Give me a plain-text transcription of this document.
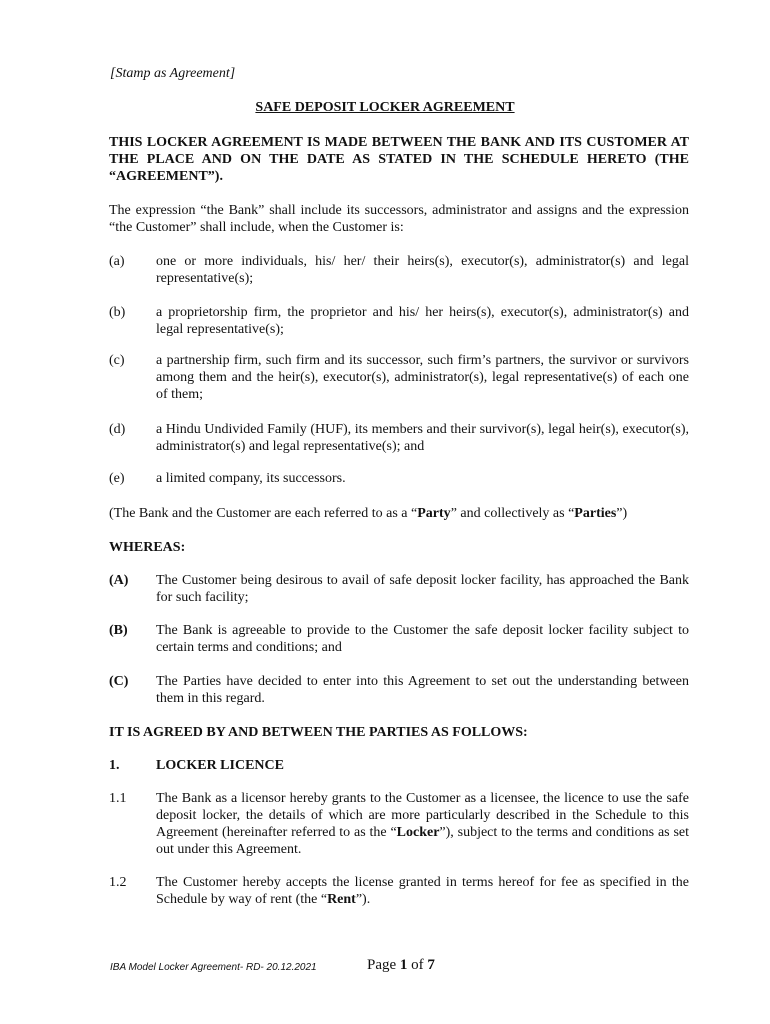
[Stamp as Agreement]
SAFE DEPOSIT LOCKER AGREEMENT
THIS LOCKER AGREEMENT IS MADE BETWEEN THE BANK AND ITS CUSTOMER AT THE PLACE AND ON THE DATE AS STATED IN THE SCHEDULE HERETO (THE “AGREEMENT”).
The expression “the Bank” shall include its successors, administrator and assigns and the expression “the Customer” shall include, when the Customer is:
(a)	one or more individuals, his/ her/ their heirs(s), executor(s), administrator(s) and legal representative(s);
(b)	a proprietorship firm, the proprietor and his/ her heirs(s), executor(s), administrator(s) and legal representative(s);
(c)	a partnership firm, such firm and its successor, such firm’s partners, the survivor or survivors among them and the heir(s), executor(s), administrator(s), legal representative(s) of each one of them;
(d)	a Hindu Undivided Family (HUF), its members and their survivor(s), legal heir(s), executor(s), administrator(s) and legal representative(s); and
(e)	a limited company, its successors.
(The Bank and the Customer are each referred to as a “Party” and collectively as “Parties”)
WHEREAS:
(A)	The Customer being desirous to avail of safe deposit locker facility, has approached the Bank for such facility;
(B)	The Bank is agreeable to provide to the Customer the safe deposit locker facility subject to certain terms and conditions; and
(C)	The Parties have decided to enter into this Agreement to set out the understanding between them in this regard.
IT IS AGREED BY AND BETWEEN THE PARTIES AS FOLLOWS:
1.	LOCKER LICENCE
1.1	The Bank as a licensor hereby grants to the Customer as a licensee, the licence to use the safe deposit locker, the details of which are more particularly described in the Schedule to this Agreement (hereinafter referred to as the “Locker”), subject to the terms and conditions as set out under this Agreement.
1.2	The Customer hereby accepts the license granted in terms hereof for fee as specified in the Schedule by way of rent (the “Rent”).
IBA Model Locker Agreement- RD- 20.12.2021	Page 1 of 7
